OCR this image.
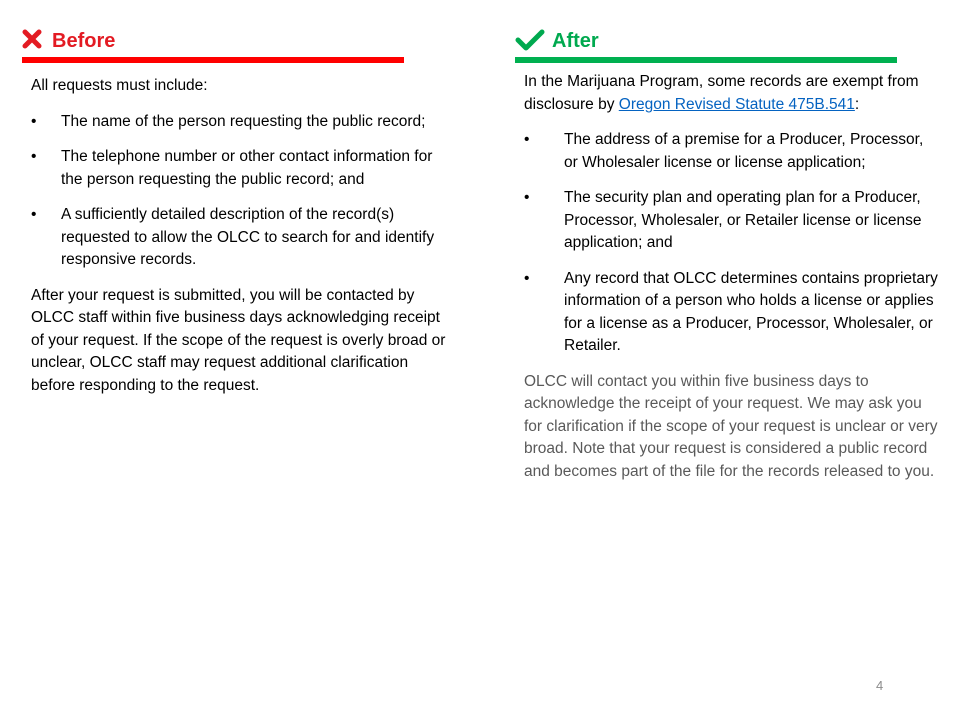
Before

All requests must include:

• The name of the person requesting the public record;
• The telephone number or other contact information for the person requesting the public record; and
• A sufficiently detailed description of the record(s) requested to allow the OLCC to search for and identify responsive records.

After your request is submitted, you will be contacted by OLCC staff within five business days acknowledging receipt of your request. If the scope of the request is overly broad or unclear, OLCC staff may request additional clarification before responding to the request.

After

In the Marijuana Program, some records are exempt from disclosure by Oregon Revised Statute 475B.541:

• The address of a premise for a Producer, Processor, or Wholesaler license or license application;
• The security plan and operating plan for a Producer, Processor, Wholesaler, or Retailer license or license application; and
• Any record that OLCC determines contains proprietary information of a person who holds a license or applies for a license as a Producer, Processor, Wholesaler, or Retailer.

OLCC will contact you within five business days to acknowledge the receipt of your request. We may ask you for clarification if the scope of your request is unclear or very broad. Note that your request is considered a public record and becomes part of the file for the records released to you.

4
